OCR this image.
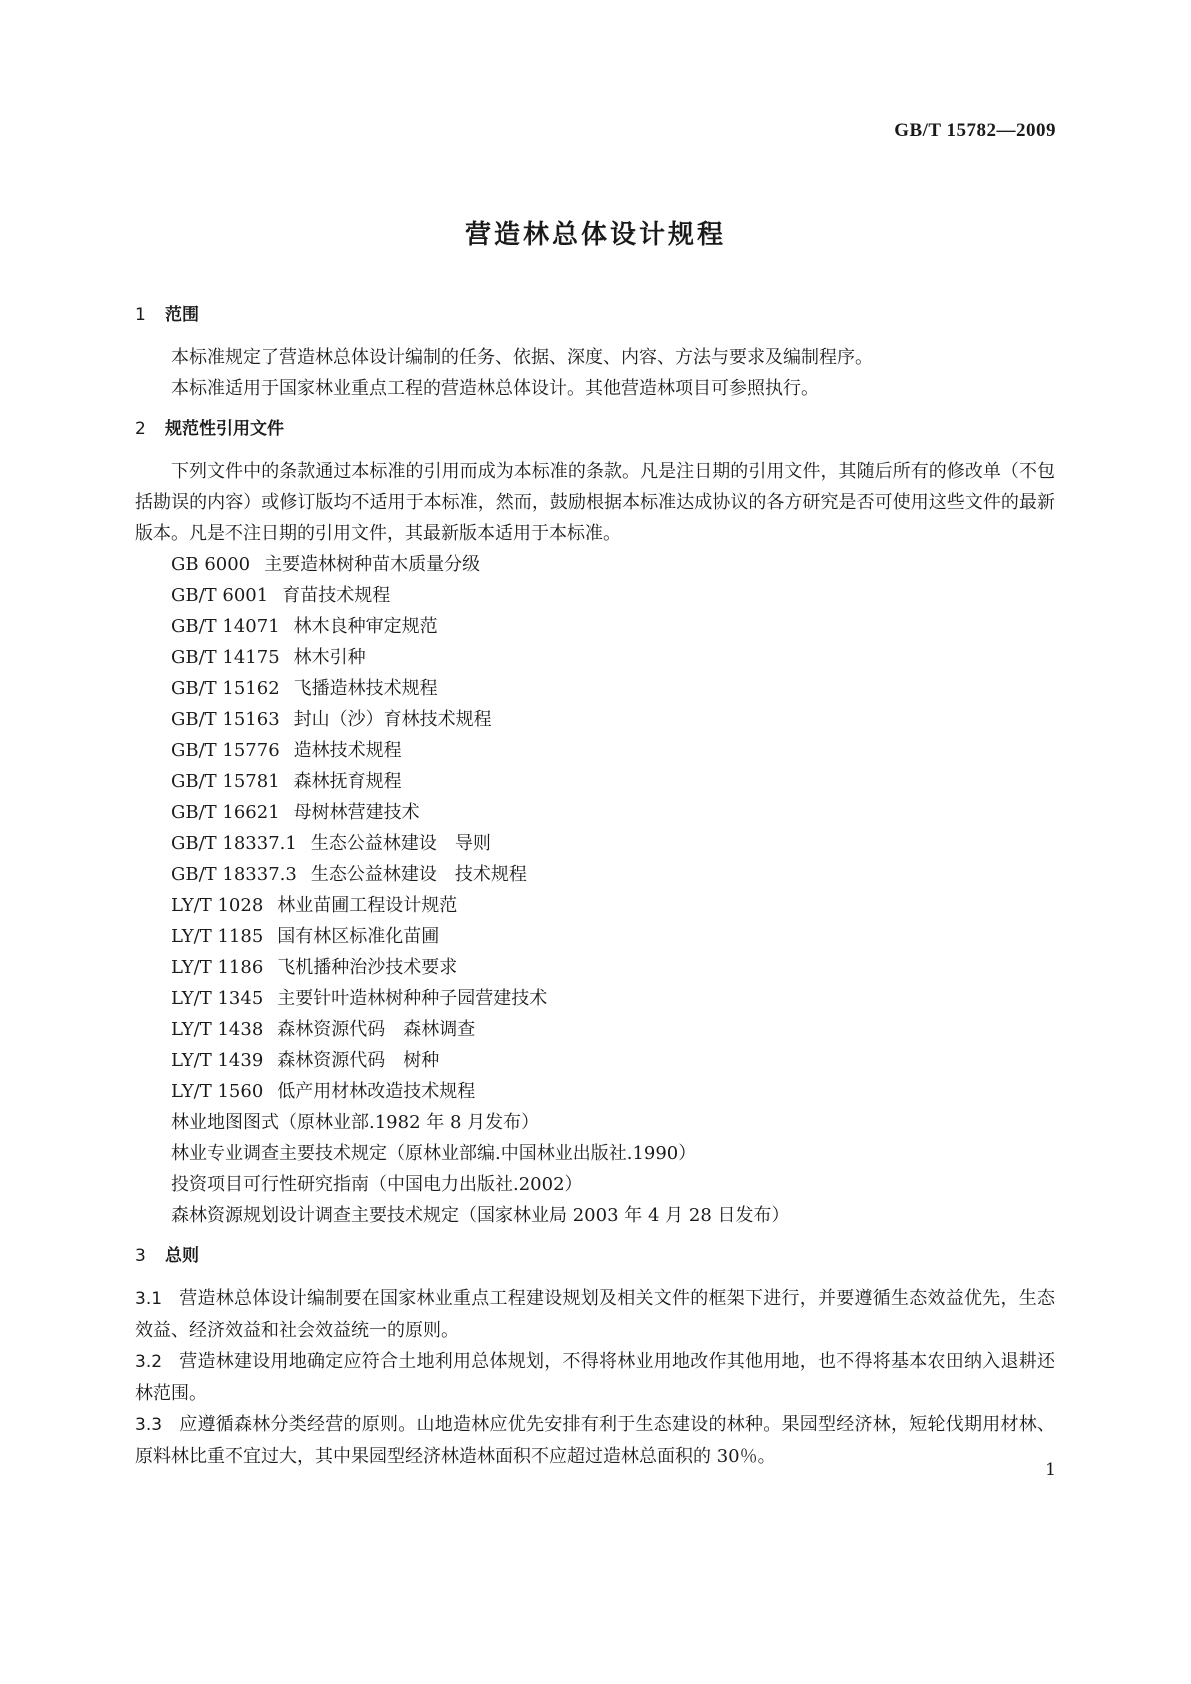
GB/T 15782—2009
营造林总体设计规程
1 范围

本标准规定了营造林总体设计编制的任务、依据、深度、内容、方法与要求及编制程序。

本标准适用于国家林业重点工程的营造林总体设计。其他营造林项目可参照执行。

2 规范性引用文件

下列文件中的条款通过本标准的引用而成为本标准的条款。凡是注日期的引用文件，其随后所有的修改单（不包括勘误的内容）或修订版均不适用于本标准，然而，鼓励根据本标准达成协议的各方研究是否可使用这些文件的最新版本。凡是不注日期的引用文件，其最新版本适用于本标准。

GB 6000 主要造林树种苗木质量分级
GB/T 6001 育苗技术规程
GB/T 14071 林木良种审定规范
GB/T 14175 林木引种
GB/T 15162 飞播造林技术规程
GB/T 15163 封山（沙）育林技术规程
GB/T 15776 造林技术规程
GB/T 15781 森林抚育规程
GB/T 16621 母树林营建技术
GB/T 18337.1 生态公益林建设　导则
GB/T 18337.3 生态公益林建设　技术规程
LY/T 1028 林业苗圃工程设计规范
LY/T 1185 国有林区标准化苗圃
LY/T 1186 飞机播种治沙技术要求
LY/T 1345 主要针叶造林树种种子园营建技术
LY/T 1438 森林资源代码　森林调查
LY/T 1439 森林资源代码　树种
LY/T 1560 低产用材林改造技术规程
林业地图图式（原林业部.1982 年 8 月发布）
林业专业调查主要技术规定（原林业部编.中国林业出版社.1990）
投资项目可行性研究指南（中国电力出版社.2002）
森林资源规划设计调查主要技术规定（国家林业局 2003 年 4 月 28 日发布）
3 总则

3.1 营造林总体设计编制要在国家林业重点工程建设规划及相关文件的框架下进行，并要遵循生态效益优先，生态效益、经济效益和社会效益统一的原则。

3.2 营造林建设用地确定应符合土地利用总体规划，不得将林业用地改作其他用地，也不得将基本农田纳入退耕还林范围。

3.3 应遵循森林分类经营的原则。山地造林应优先安排有利于生态建设的林种。果园型经济林，短轮伐期用材林、原料林比重不宜过大，其中果园型经济林造林面积不应超过造林总面积的 30％。

1
